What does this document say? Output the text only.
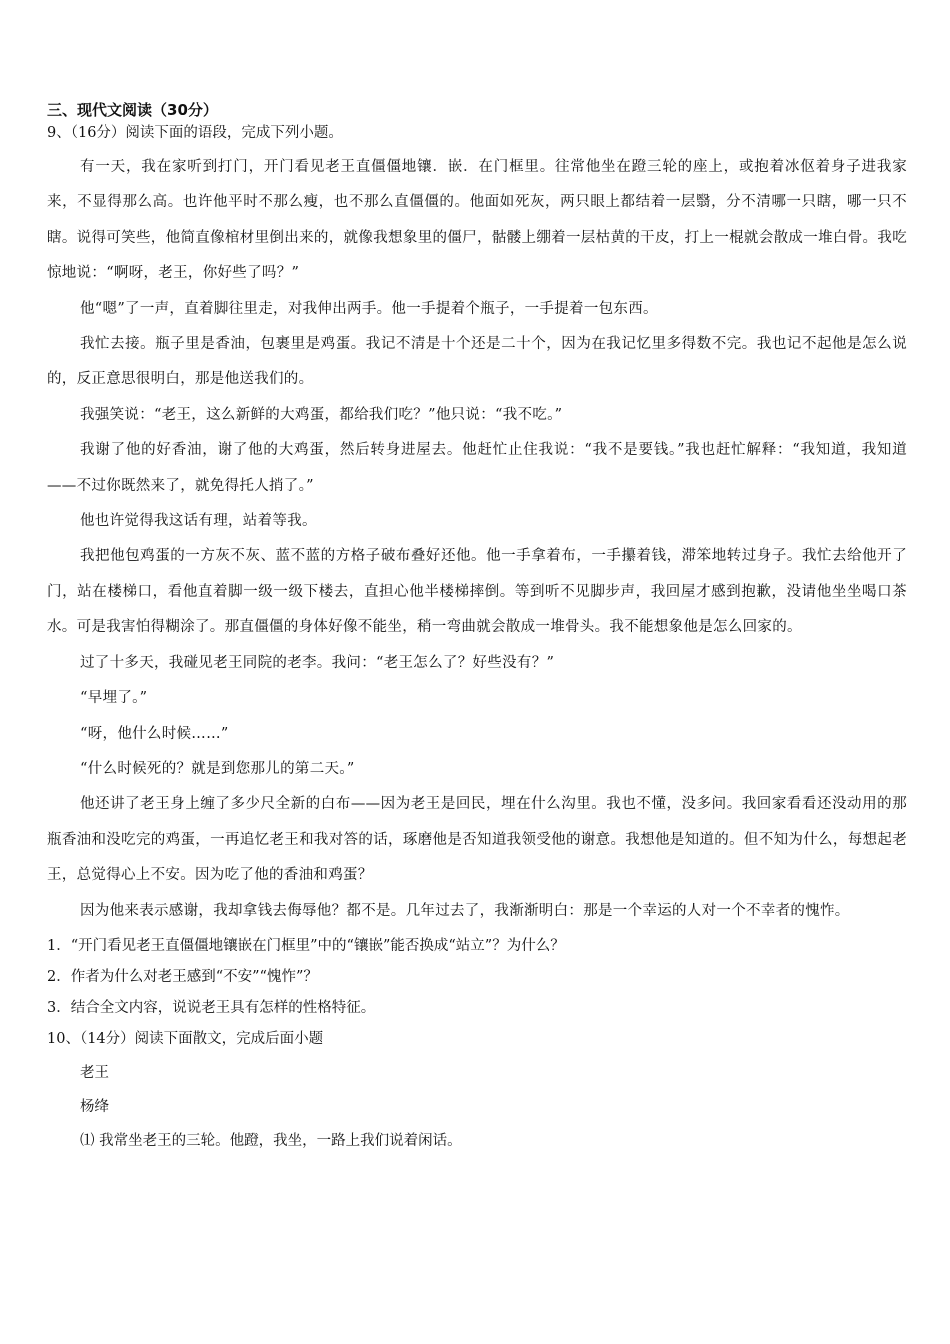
三、现代文阅读（30分）
9、（16分）阅读下面的语段，完成下列小题。

有一天，我在家听到打门，开门看见老王直僵僵地镶．嵌．在门框里。往常他坐在蹬三轮的座上，或抱着冰伛着身子进我家来，不显得那么高。也许他平时不那么瘦，也不那么直僵僵的。他面如死灰，两只眼上都结着一层翳，分不清哪一只瞎，哪一只不瞎。说得可笑些，他简直像棺材里倒出来的，就像我想象里的僵尸，骷髅上绷着一层枯黄的干皮，打上一棍就会散成一堆白骨。我吃惊地说：“啊呀，老王，你好些了吗？”

他“嗯”了一声，直着脚往里走，对我伸出两手。他一手提着个瓶子，一手提着一包东西。

我忙去接。瓶子里是香油，包裹里是鸡蛋。我记不清是十个还是二十个，因为在我记忆里多得数不完。我也记不起他是怎么说的，反正意思很明白，那是他送我们的。

我强笑说：“老王，这么新鲜的大鸡蛋，都给我们吃？”他只说：“我不吃。”

我谢了他的好香油，谢了他的大鸡蛋，然后转身进屋去。他赶忙止住我说：“我不是要钱。”我也赶忙解释：“我知道，我知道——不过你既然来了，就免得托人捎了。”

他也许觉得我这话有理，站着等我。

我把他包鸡蛋的一方灰不灰、蓝不蓝的方格子破布叠好还他。他一手拿着布，一手攥着钱，滞笨地转过身子。我忙去给他开了门，站在楼梯口，看他直着脚一级一级下楼去，直担心他半楼梯摔倒。等到听不见脚步声，我回屋才感到抱歉，没请他坐坐喝口茶水。可是我害怕得糊涂了。那直僵僵的身体好像不能坐，稍一弯曲就会散成一堆骨头。我不能想象他是怎么回家的。

过了十多天，我碰见老王同院的老李。我问：“老王怎么了？好些没有？”

“早埋了。”

“呀，他什么时候……”

“什么时候死的？就是到您那儿的第二天。”

他还讲了老王身上缠了多少尺全新的白布——因为老王是回民，埋在什么沟里。我也不懂，没多问。我回家看看还没动用的那瓶香油和没吃完的鸡蛋，一再追忆老王和我对答的话，琢磨他是否知道我领受他的谢意。我想他是知道的。但不知为什么，每想起老王，总觉得心上不安。因为吃了他的香油和鸡蛋？

因为他来表示感谢，我却拿钱去侮辱他？都不是。几年过去了，我渐渐明白：那是一个幸运的人对一个不幸者的愧怍。

1．“开门看见老王直僵僵地镶嵌在门框里”中的“镶嵌”能否换成“站立”？为什么？
2．作者为什么对老王感到“不安”“愧怍”？
3．结合全文内容，说说老王具有怎样的性格特征。
10、（14分）阅读下面散文，完成后面小题
老王
杨绛
⑴ 我常坐老王的三轮。他蹬，我坐，一路上我们说着闲话。
